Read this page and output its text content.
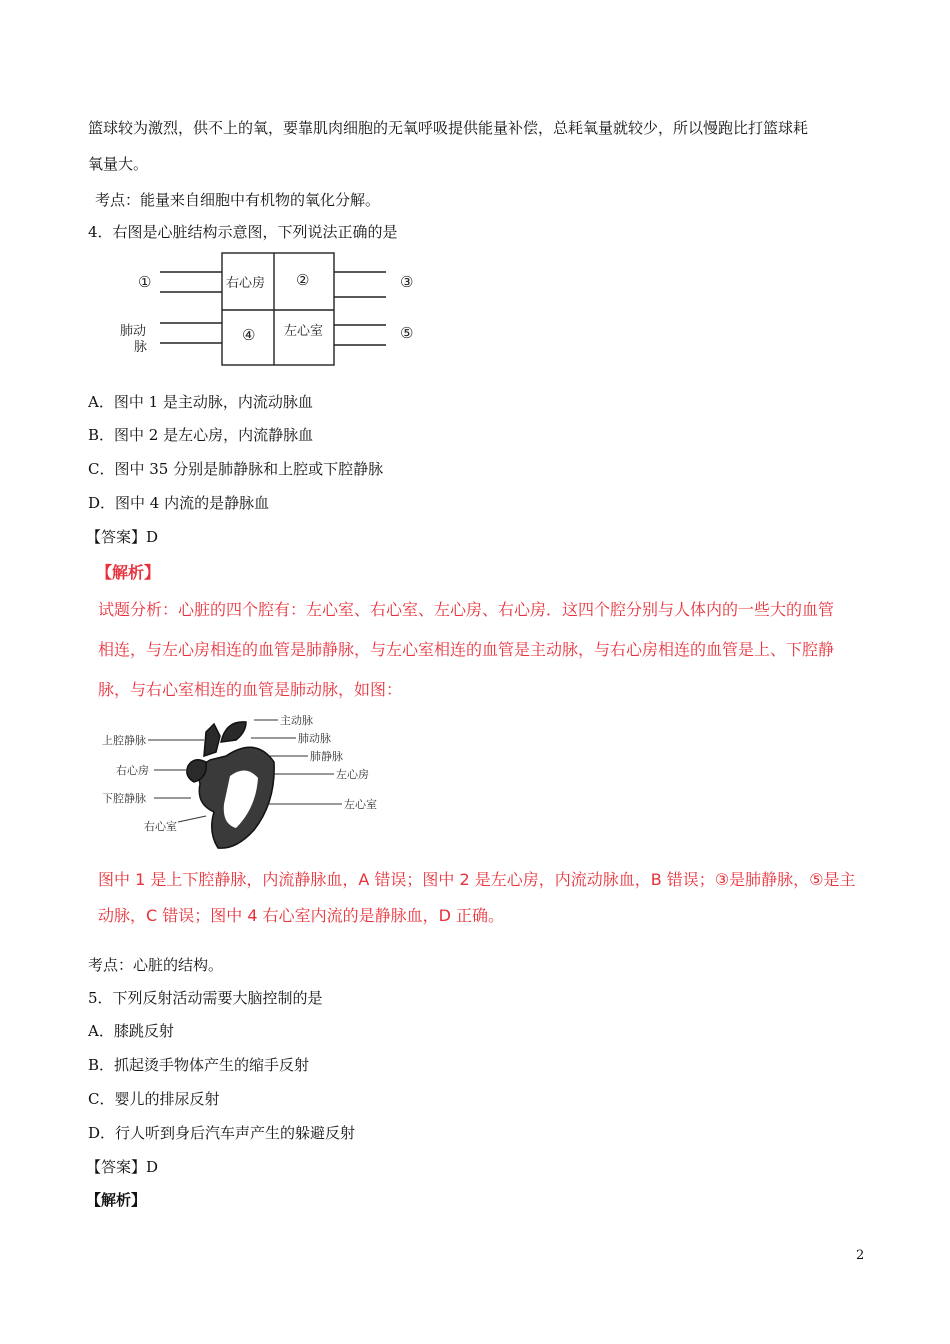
篮球较为激烈，供不上的氧，要靠肌肉细胞的无氧呼吸提供能量补偿，总耗氧量就较少，所以慢跑比打篮球耗
氧量大。
考点：能量来自细胞中有机物的氧化分解。
4．右图是心脏结构示意图，下列说法正确的是
①	②	③
④	⑤
右心房
左心室
肺动
脉
A．图中 1 是主动脉，内流动脉血
B．图中 2 是左心房，内流静脉血
C．图中 35 分别是肺静脉和上腔或下腔静脉
D．图中 4 内流的是静脉血
【答案】D
【解析】
试题分析：心脏的四个腔有：左心室、右心室、左心房、右心房．这四个腔分别与人体内的一些大的血管
相连，与左心房相连的血管是肺静脉，与左心室相连的血管是主动脉，与右心房相连的血管是上、下腔静
脉，与右心室相连的血管是肺动脉，如图：
主动脉
肺动脉
上腔静脉
肺静脉
右心房	左心房
下腔静脉	左心室
右心室
图中 1 是上下腔静脉，内流静脉血，A 错误；图中 2 是左心房，内流动脉血，B 错误；③是肺静脉，⑤是主
动脉，C 错误；图中 4 右心室内流的是静脉血，D 正确。
考点：心脏的结构。
5．下列反射活动需要大脑控制的是
A．膝跳反射
B．抓起烫手物体产生的缩手反射
C．婴儿的排尿反射
D．行人听到身后汽车声产生的躲避反射
【答案】D
【解析】
2
